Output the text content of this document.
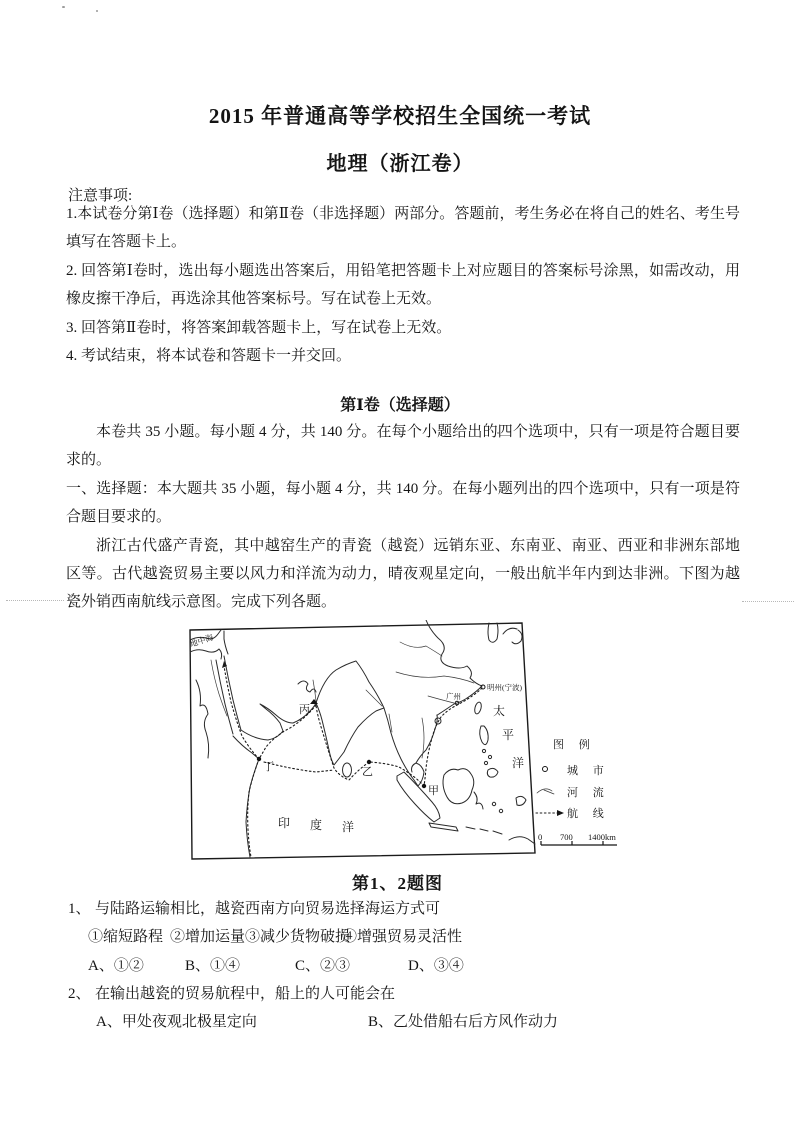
2015 年普通高等学校招生全国统一考试
地理（浙江卷）
注意事项:

1.本试卷分第Ⅰ卷（选择题）和第Ⅱ卷（非选择题）两部分。答题前，考生务必在将自己的姓名、考生号填写在答题卡上。

2. 回答第Ⅰ卷时，选出每小题选出答案后，用铅笔把答题卡上对应题目的答案标号涂黑，如需改动，用橡皮擦干净后，再选涂其他答案标号。写在试卷上无效。

3. 回答第Ⅱ卷时，将答案卸载答题卡上，写在试卷上无效。

4. 考试结束，将本试卷和答题卡一并交回。

第Ⅰ卷（选择题）

本卷共 35 小题。每小题 4 分，共 140 分。在每个小题给出的四个选项中，只有一项是符合题目要求的。

一、选择题：本大题共 35 小题，每小题 4 分，共 140 分。在每小题列出的四个选项中，只有一项是符合题目要求的。

浙江古代盛产青瓷，其中越窑生产的青瓷（越瓷）远销东亚、东南亚、南亚、西亚和非洲东部地区等。古代越瓷贸易主要以风力和洋流为动力，晴夜观星定向，一般出航半年内到达非洲。下图为越瓷外销西南航线示意图。完成下列各题。

地中海
明州(宁波)
广州
丙
丁	乙
甲
太
平
洋
印 度 洋
图 例
城 市
河 流
航 线
0 700 1400km
第1、2题图
1、 与陆路运输相比，越瓷西南方向贸易选择海运方式可
①缩短路程 ②增加运量 ③减少货物破损
④增强贸易灵活性
A、①②	B、①④	C、②③	D、③④
2、 在输出越瓷的贸易航程中，船上的人可能会在
A、甲处夜观北极星定向	B、乙处借船右后方风作动力
